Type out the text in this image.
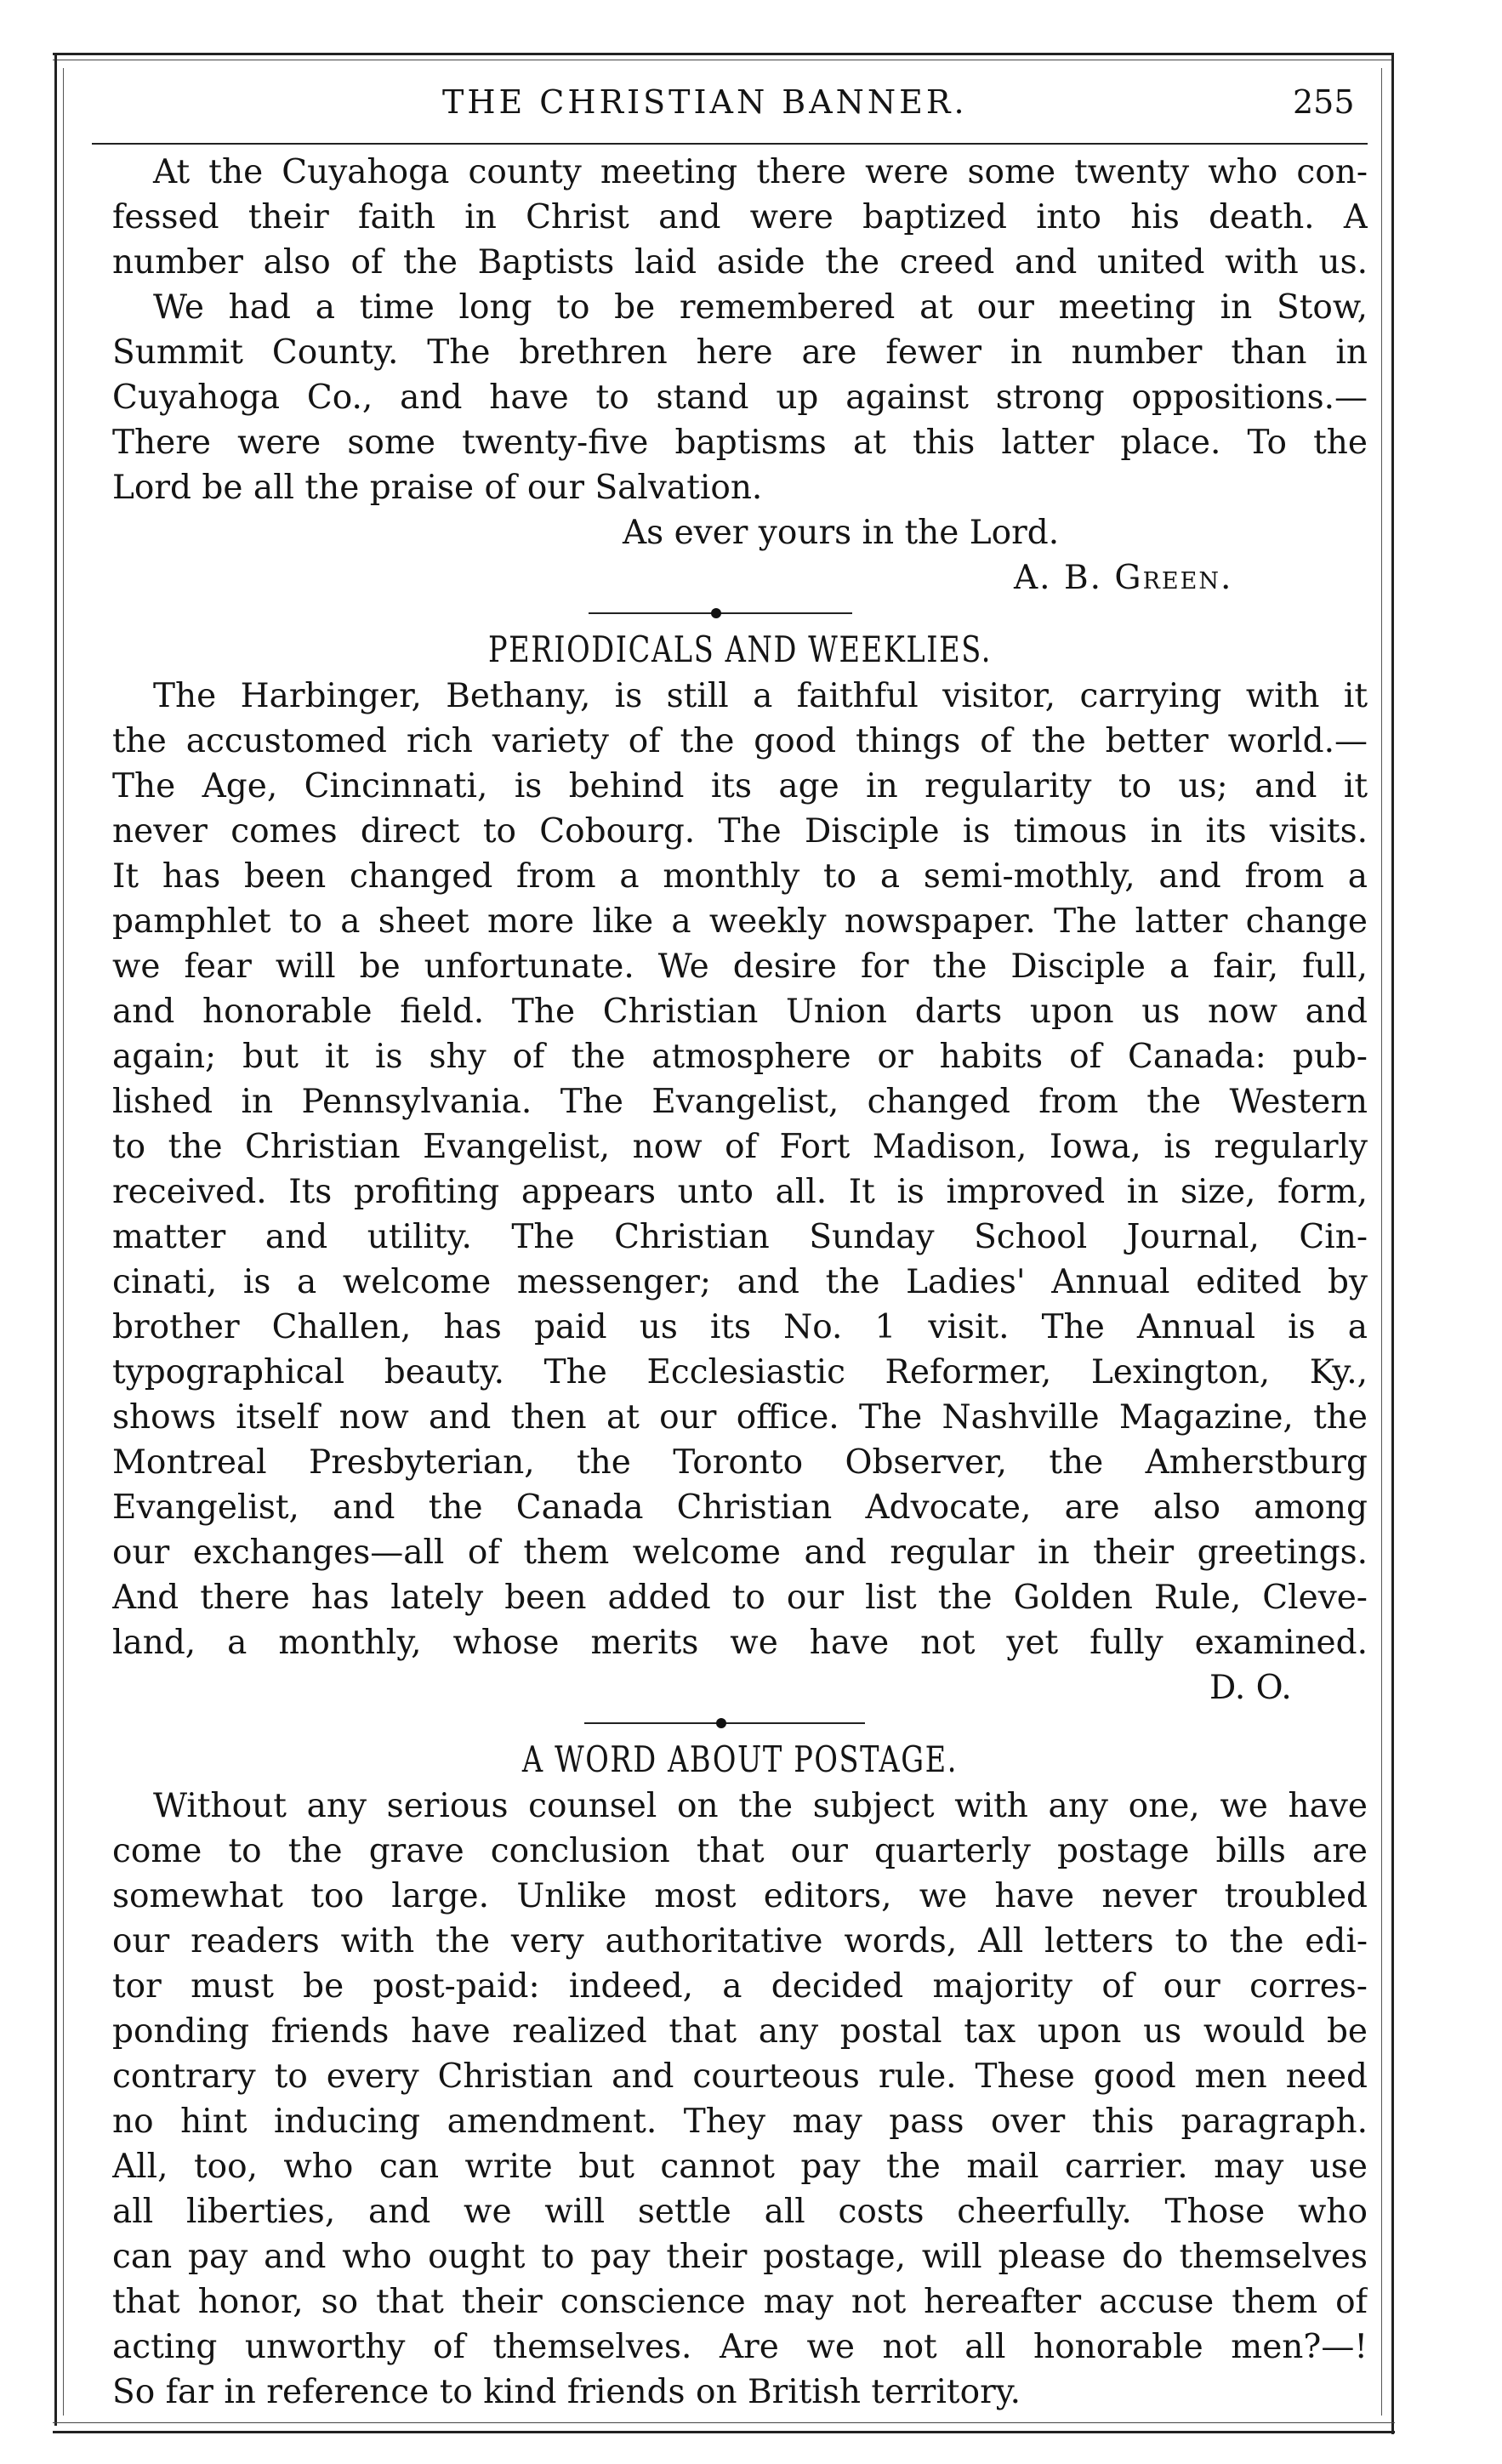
THE CHRISTIAN BANNER.	255
At the Cuyahoga county meeting there were some twenty who con-
fessed their faith in Christ and were baptized into his death. A
number also of the Baptists laid aside the creed and united with us.
We had a time long to be remembered at our meeting in Stow,
Summit County. The brethren here are fewer in number than in
Cuyahoga Co., and have to stand up against strong oppositions.—
There were some twenty-five baptisms at this latter place. To the
Lord be all the praise of our Salvation.
As ever yours in the Lord.
A. B. Green.
PERIODICALS AND WEEKLIES.
The Harbinger, Bethany, is still a faithful visitor, carrying with it
the accustomed rich variety of the good things of the better world.—
The Age, Cincinnati, is behind its age in regularity to us; and it
never comes direct to Cobourg. The Disciple is timous in its visits.
It has been changed from a monthly to a semi-mothly, and from a
pamphlet to a sheet more like a weekly nowspaper. The latter change
we fear will be unfortunate. We desire for the Disciple a fair, full,
and honorable field. The Christian Union darts upon us now and
again; but it is shy of the atmosphere or habits of Canada: pub-
lished in Pennsylvania. The Evangelist, changed from the Western
to the Christian Evangelist, now of Fort Madison, Iowa, is regularly
received. Its profiting appears unto all. It is improved in size, form,
matter and utility. The Christian Sunday School Journal, Cin-
cinati, is a welcome messenger; and the Ladies' Annual edited by
brother Challen, has paid us its No. 1 visit. The Annual is a
typographical beauty. The Ecclesiastic Reformer, Lexington, Ky.,
shows itself now and then at our office. The Nashville Magazine, the
Montreal Presbyterian, the Toronto Observer, the Amherstburg
Evangelist, and the Canada Christian Advocate, are also among
our exchanges—all of them welcome and regular in their greetings.
And there has lately been added to our list the Golden Rule, Cleve-
land, a monthly, whose merits we have not yet fully examined.
D. O.
A WORD ABOUT POSTAGE.
Without any serious counsel on the subject with any one, we have
come to the grave conclusion that our quarterly postage bills are
somewhat too large. Unlike most editors, we have never troubled
our readers with the very authoritative words, All letters to the edi-
tor must be post-paid: indeed, a decided majority of our corres-
ponding friends have realized that any postal tax upon us would be
contrary to every Christian and courteous rule. These good men need
no hint inducing amendment. They may pass over this paragraph.
All, too, who can write but cannot pay the mail carrier. may use
all liberties, and we will settle all costs cheerfully. Those who
can pay and who ought to pay their postage, will please do themselves
that honor, so that their conscience may not hereafter accuse them of
acting unworthy of themselves. Are we not all honorable men?—!
So far in reference to kind friends on British territory.
